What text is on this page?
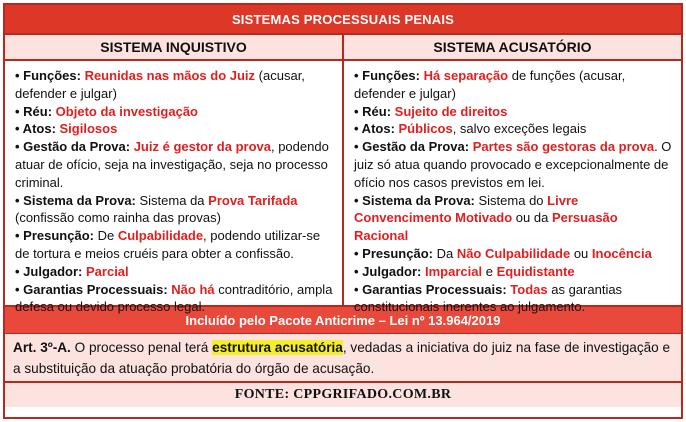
SISTEMAS PROCESSUAIS PENAIS
SISTEMA INQUISTIVO	SISTEMA ACUSATÓRIO
• Funções: Reunidas nas mãos do Juiz (acusar, defender e julgar)
• Réu: Objeto da investigação
• Atos: Sigilosos
• Gestão da Prova: Juiz é gestor da prova, podendo atuar de ofício, seja na investigação, seja no processo criminal.
• Sistema da Prova: Sistema da Prova Tarifada (confissão como rainha das provas)
• Presunção: De Culpabilidade, podendo utilizar-se de tortura e meios cruéis para obter a confissão.
• Julgador: Parcial
• Garantias Processuais: Não há contraditório, ampla defesa ou devido processo legal.
• Funções: Há separação de funções (acusar, defender e julgar)
• Réu: Sujeito de direitos
• Atos: Públicos, salvo exceções legais
• Gestão da Prova: Partes são gestoras da prova. O juiz só atua quando provocado e excepcionalmente de ofício nos casos previstos em lei.
• Sistema da Prova: Sistema do Livre Convencimento Motivado ou da Persuasão Racional
• Presunção: Da Não Culpabilidade ou Inocência
• Julgador: Imparcial e Equidistante
• Garantias Processuais: Todas as garantias constitucionais inerentes ao julgamento.
Incluído pelo Pacote Anticrime – Lei nº 13.964/2019
Art. 3º-A. O processo penal terá estrutura acusatória, vedadas a iniciativa do juiz na fase de investigação e a substituição da atuação probatória do órgão de acusação.
FONTE: CPPGRIFADO.COM.BR
